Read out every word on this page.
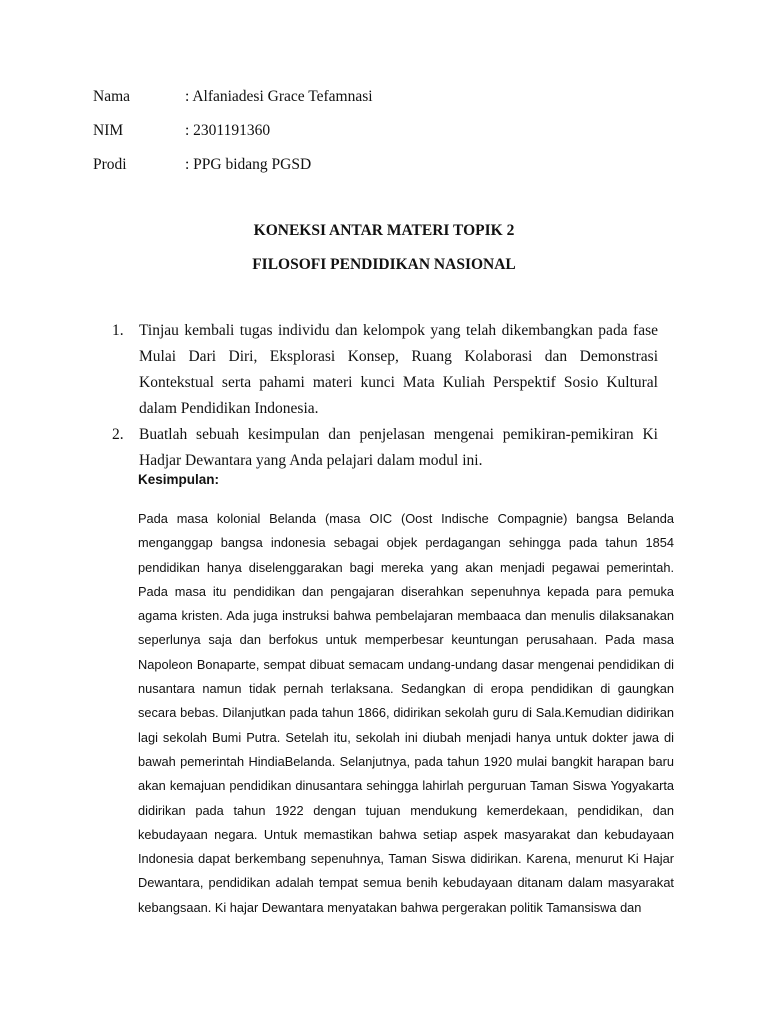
Nama	: Alfaniadesi Grace Tefamnasi
NIM	: 2301191360
Prodi	: PPG bidang PGSD
KONEKSI ANTAR MATERI TOPIK 2
FILOSOFI PENDIDIKAN NASIONAL
1. Tinjau kembali tugas individu dan kelompok yang telah dikembangkan pada fase Mulai Dari Diri, Eksplorasi Konsep, Ruang Kolaborasi dan Demonstrasi Kontekstual serta pahami materi kunci Mata Kuliah Perspektif Sosio Kultural dalam Pendidikan Indonesia.
2. Buatlah sebuah kesimpulan dan penjelasan mengenai pemikiran-pemikiran Ki Hadjar Dewantara yang Anda pelajari dalam modul ini.
Kesimpulan:
Pada masa kolonial Belanda (masa OIC (Oost Indische Compagnie) bangsa Belanda menganggap bangsa indonesia sebagai objek perdagangan sehingga pada tahun 1854 pendidikan hanya diselenggarakan bagi mereka yang akan menjadi pegawai pemerintah. Pada masa itu pendidikan dan pengajaran diserahkan sepenuhnya kepada para pemuka agama kristen. Ada juga instruksi bahwa pembelajaran membaaca dan menulis dilaksanakan seperlunya saja dan berfokus untuk memperbesar keuntungan perusahaan. Pada masa Napoleon Bonaparte, sempat dibuat semacam undang-undang dasar mengenai pendidikan di nusantara namun tidak pernah terlaksana. Sedangkan di eropa pendidikan di gaungkan secara bebas. Dilanjutkan pada tahun 1866, didirikan sekolah guru di Sala.Kemudian didirikan lagi sekolah Bumi Putra. Setelah itu, sekolah ini diubah menjadi hanya untuk dokter jawa di bawah pemerintah HindiaBelanda. Selanjutnya, pada tahun 1920 mulai bangkit harapan baru akan kemajuan pendidikan dinusantara sehingga lahirlah perguruan Taman Siswa Yogyakarta didirikan pada tahun 1922 dengan tujuan mendukung kemerdekaan, pendidikan, dan kebudayaan negara. Untuk memastikan bahwa setiap aspek masyarakat dan kebudayaan Indonesia dapat berkembang sepenuhnya, Taman Siswa didirikan. Karena, menurut Ki Hajar Dewantara, pendidikan adalah tempat semua benih kebudayaan ditanam dalam masyarakat kebangsaan. Ki hajar Dewantara menyatakan bahwa pergerakan politik Tamansiswa dan
